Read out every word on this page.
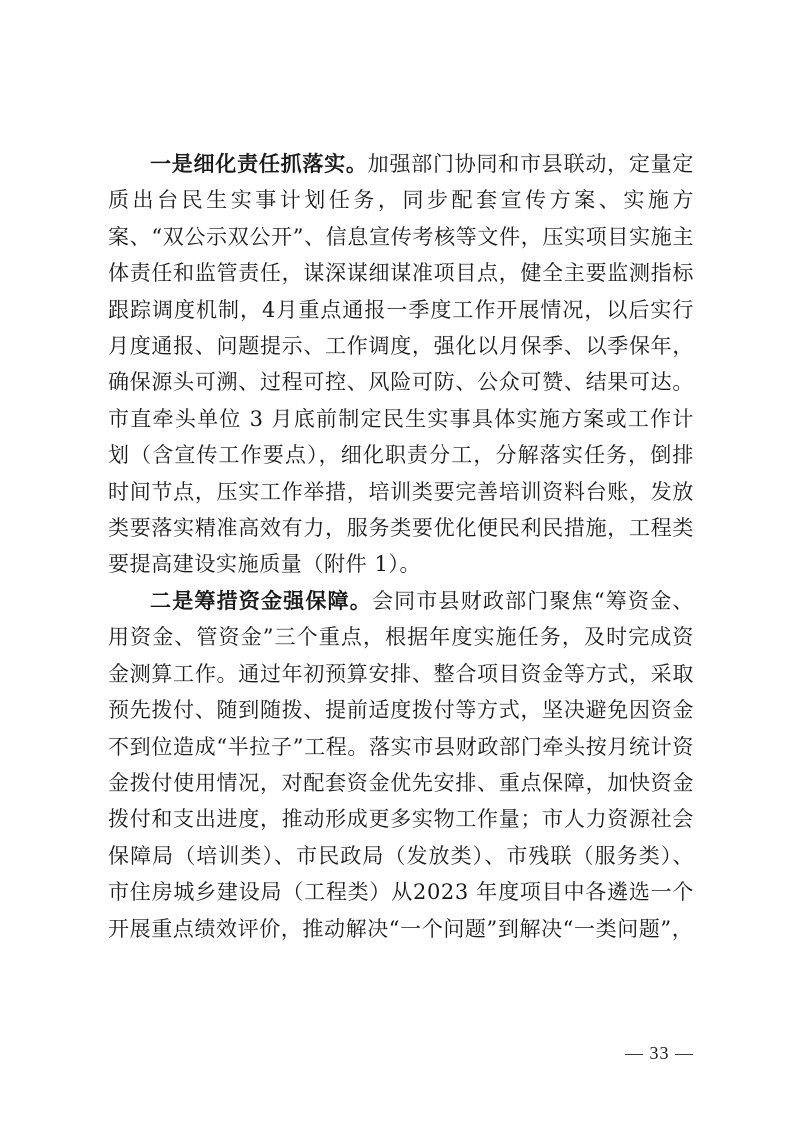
一是细化责任抓落实。加强部门协同和市县联动，定量定质出台民生实事计划任务，同步配套宣传方案、实施方案、“双公示双公开”、信息宣传考核等文件，压实项目实施主体责任和监管责任，谋深谋细谋准项目点，健全主要监测指标跟踪调度机制，4月重点通报一季度工作开展情况，以后实行月度通报、问题提示、工作调度，强化以月保季、以季保年，确保源头可溯、过程可控、风险可防、公众可赞、结果可达。市直牵头单位 3 月底前制定民生实事具体实施方案或工作计划（含宣传工作要点），细化职责分工，分解落实任务，倒排时间节点，压实工作举措，培训类要完善培训资料台账，发放类要落实精准高效有力，服务类要优化便民利民措施，工程类要提高建设实施质量（附件 1）。

二是筹措资金强保障。会同市县财政部门聚焦“筹资金、用资金、管资金”三个重点，根据年度实施任务，及时完成资金测算工作。通过年初预算安排、整合项目资金等方式，采取预先拨付、随到随拨、提前适度拨付等方式，坚决避免因资金不到位造成“半拉子”工程。落实市县财政部门牵头按月统计资金拨付使用情况，对配套资金优先安排、重点保障，加快资金拨付和支出进度，推动形成更多实物工作量；市人力资源社会保障局（培训类）、市民政局（发放类）、市残联（服务类）、市住房城乡建设局（工程类）从2023 年度项目中各遴选一个开展重点绩效评价，推动解决“一个问题”到解决“一类问题”，

— 33 —
